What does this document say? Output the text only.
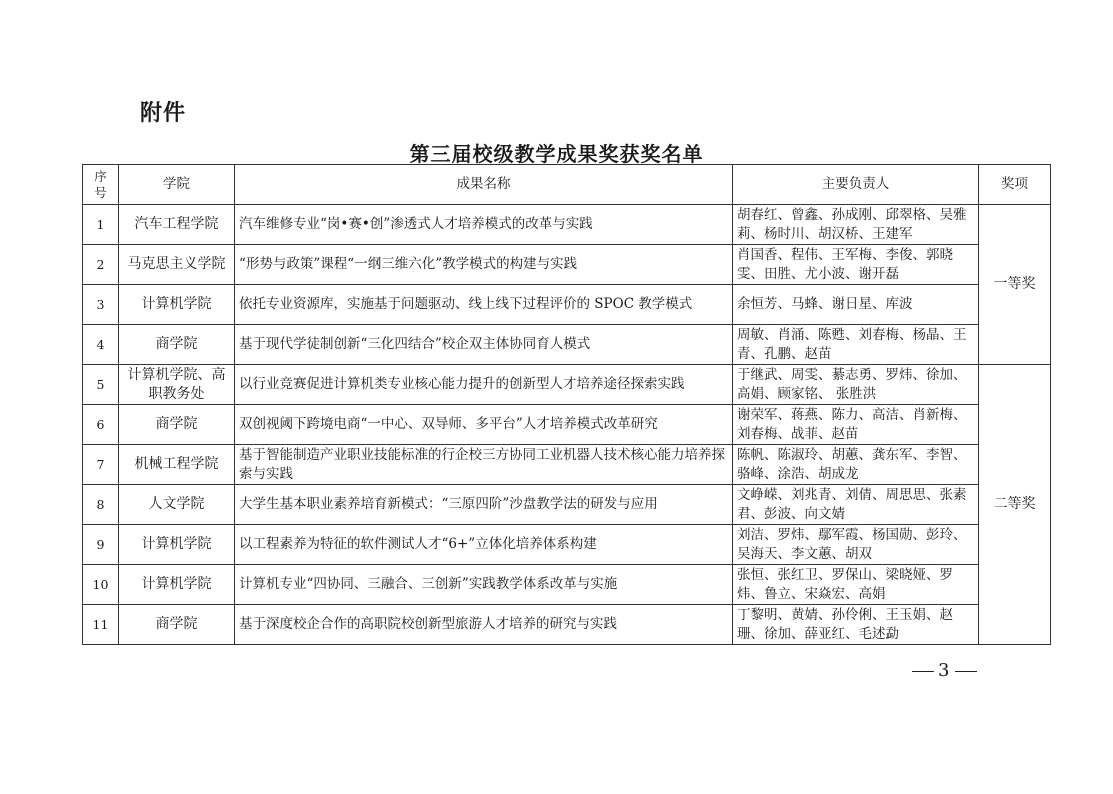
附件
第三届校级教学成果奖获奖名单
序号	学院	成果名称	主要负责人	奖项
1	汽车工程学院	汽车维修专业“岗•赛•创”渗透式人才培养模式的改革与实践	胡春红、曾鑫、孙成刚、邱翠格、吴雅莉、杨时川、胡汉桥、王建军	一等奖
2	马克思主义学院	“形势与政策”课程“一纲三维六化”教学模式的构建与实践	肖国香、程伟、王军梅、李俊、郭晓雯、田胜、尤小波、谢开磊	
3	计算机学院	依托专业资源库，实施基于问题驱动、线上线下过程评价的 SPOC 教学模式	余恒芳、马蜂、谢日星、库波	
4	商学院	基于现代学徒制创新“三化四结合”校企双主体协同育人模式	周敏、肖涌、陈甦、刘春梅、杨晶、王青、孔鹏、赵苗	
5	计算机学院、高职教务处	以行业竞赛促进计算机类专业核心能力提升的创新型人才培养途径探索实践	于继武、周雯、綦志勇、罗炜、徐加、高娟、顾家铭、 张胜洪	二等奖
6	商学院	双创视阈下跨境电商“一中心、双导师、多平台”人才培养模式改革研究	谢荣军、蒋燕、陈力、高洁、肖新梅、刘春梅、战菲、赵苗	
7	机械工程学院	基于智能制造产业职业技能标准的行企校三方协同工业机器人技术核心能力培养探索与实践	陈帆、陈淑玲、胡蕙、龚东军、李智、骆峰、涂浩、胡成龙	
8	人文学院	大学生基本职业素养培育新模式：“三原四阶”沙盘教学法的研发与应用	文峥嵘、刘兆青、刘倩、周思思、张素君、彭波、向文婧	
9	计算机学院	以工程素养为特征的软件测试人才“6+”立体化培养体系构建	刘洁、罗炜、鄢军霞、杨国勋、彭玲、吴海天、李文蕙、胡双	
10	计算机学院	计算机专业“四协同、三融合、三创新”实践教学体系改革与实施	张恒、张红卫、罗保山、梁晓娅、罗炜、鲁立、宋焱宏、高娟	
11	商学院	基于深度校企合作的高职院校创新型旅游人才培养的研究与实践	丁黎明、黄婧、孙伶俐、王玉娟、赵珊、徐加、薛亚红、毛述勐	
3
